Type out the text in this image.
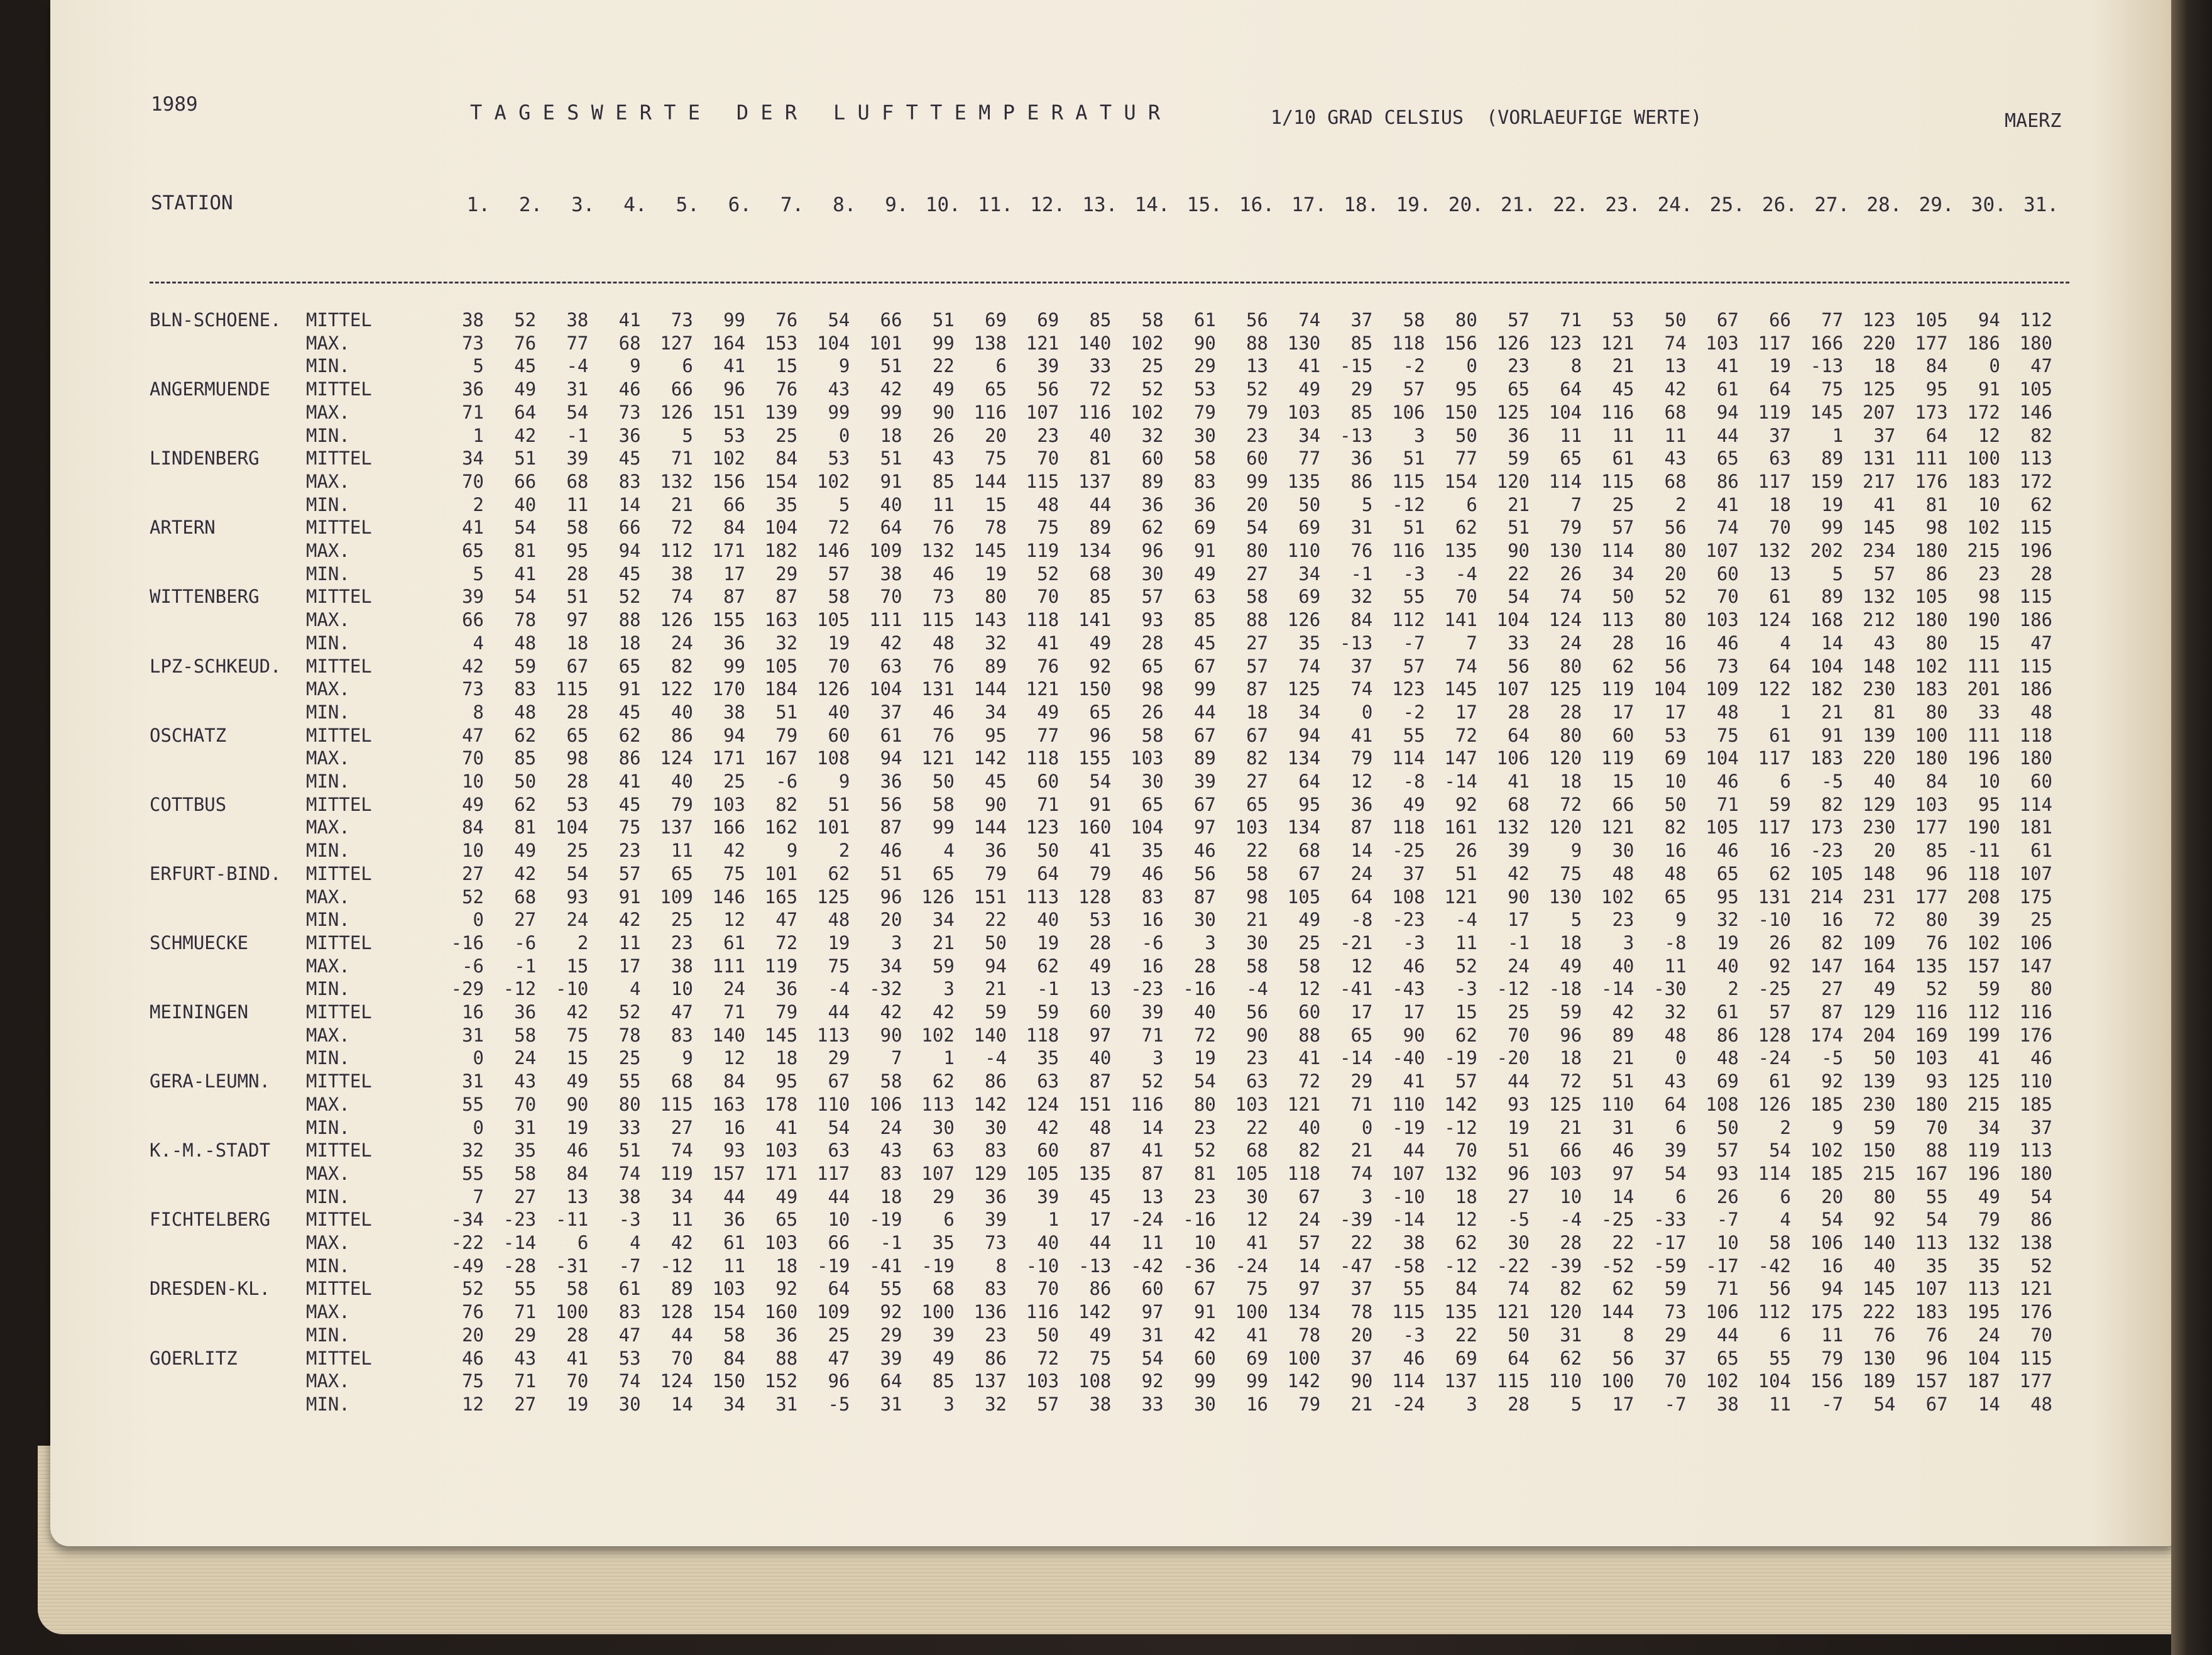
1989	T A G E S W E R T E   D E R   L U F T T E M P E R A T U R	1/10 GRAD CELSIUS  (VORLAEUFIGE WERTE)	MAERZ
STATION	1.	2.	3.	4.	5.	6.	7.	8.	9. 10. 11. 12. 13. 14. 15. 16. 17. 18. 19. 20. 21. 22. 23. 24. 25. 26. 27. 28. 29. 30. 31.
BLN-SCHOENE. MITTEL	38	52	38	41	73	99	76	54	66	51	69	69	85	58	61	56	74	37	58	80	57	71	53	50	67	66	77	123	105	94	112
MAX.	73	76	77	68	127	164	153	104	101	99	138	121	140	102	90	88	130	85	118	156	126	123	121	74	103	117	166	220	177	186	180
MIN.	5	45	-4	9	6	41	15	9	51	22	6	39	33	25	29	13	41	-15	-2	0	23	8	21	13	41	19	-13	18	84	0	47
ANGERMUENDE MITTEL	36	49	31	46	66	96	76	43	42	49	65	56	72	52	53	52	49	29	57	95	65	64	45	42	61	64	75	125	95	91	105
MAX.	71	64	54	73	126	151	139	99	99	90	116	107	116	102	79	79	103	85	106	150	125	104	116	68	94	119	145	207	173	172	146
MIN.	1	42	-1	36	5	53	25	0	18	26	20	23	40	32	30	23	34	-13	3	50	36	11	11	11	44	37	1	37	64	12	82
LINDENBERG	MITTEL	34	51	39	45	71	102	84	53	51	43	75	70	81	60	58	60	77	36	51	77	59	65	61	43	65	63	89	131	111	100	113
MAX.	70	66	68	83	132	156	154	102	91	85	144	115	137	89	83	99	135	86	115	154	120	114	115	68	86	117	159	217	176	183	172
MIN.	2	40	11	14	21	66	35	5	40	11	15	48	44	36	36	20	50	5	-12	6	21	7	25	2	41	18	19	41	81	10	62
ARTERN	MITTEL	41	54	58	66	72	84	104	72	64	76	78	75	89	62	69	54	69	31	51	62	51	79	57	56	74	70	99	145	98	102	115
MAX.	65	81	95	94	112	171	182	146	109	132	145	119	134	96	91	80	110	76	116	135	90	130	114	80	107	132	202	234	180	215	196
MIN.	5	41	28	45	38	17	29	57	38	46	19	52	68	30	49	27	34	-1	-3	-4	22	26	34	20	60	13	5	57	86	23	28
WITTENBERG	MITTEL	39	54	51	52	74	87	87	58	70	73	80	70	85	57	63	58	69	32	55	70	54	74	50	52	70	61	89	132	105	98	115
MAX.	66	78	97	88	126	155	163	105	111	115	143	118	141	93	85	88	126	84	112	141	104	124	113	80	103	124	168	212	180	190	186
MIN.	4	48	18	18	24	36	32	19	42	48	32	41	49	28	45	27	35	-13	-7	7	33	24	28	16	46	4	14	43	80	15	47
LPZ-SCHKEUD. MITTEL	42	59	67	65	82	99	105	70	63	76	89	76	92	65	67	57	74	37	57	74	56	80	62	56	73	64	104	148	102	111	115
MAX.	73	83	115	91	122	170	184	126	104	131	144	121	150	98	99	87	125	74	123	145	107	125	119	104	109	122	182	230	183	201	186
MIN.	8	48	28	45	40	38	51	40	37	46	34	49	65	26	44	18	34	0	-2	17	28	28	17	17	48	1	21	81	80	33	48
OSCHATZ	MITTEL	47	62	65	62	86	94	79	60	61	76	95	77	96	58	67	67	94	41	55	72	64	80	60	53	75	61	91	139	100	111	118
MAX.	70	85	98	86	124	171	167	108	94	121	142	118	155	103	89	82	134	79	114	147	106	120	119	69	104	117	183	220	180	196	180
MIN.	10	50	28	41	40	25	-6	9	36	50	45	60	54	30	39	27	64	12	-8	-14	41	18	15	10	46	6	-5	40	84	10	60
COTTBUS	MITTEL	49	62	53	45	79	103	82	51	56	58	90	71	91	65	67	65	95	36	49	92	68	72	66	50	71	59	82	129	103	95	114
MAX.	84	81	104	75	137	166	162	101	87	99	144	123	160	104	97	103	134	87	118	161	132	120	121	82	105	117	173	230	177	190	181
MIN.	10	49	25	23	11	42	9	2	46	4	36	50	41	35	46	22	68	14	-25	26	39	9	30	16	46	16	-23	20	85	-11	61
ERFURT-BIND. MITTEL	27	42	54	57	65	75	101	62	51	65	79	64	79	46	56	58	67	24	37	51	42	75	48	48	65	62	105	148	96	118	107
MAX.	52	68	93	91	109	146	165	125	96	126	151	113	128	83	87	98	105	64	108	121	90	130	102	65	95	131	214	231	177	208	175
MIN.	0	27	24	42	25	12	47	48	20	34	22	40	53	16	30	21	49	-8	-23	-4	17	5	23	9	32	-10	16	72	80	39	25
SCHMUECKE	MITTEL	-16	-6	2	11	23	61	72	19	3	21	50	19	28	-6	3	30	25	-21	-3	11	-1	18	3	-8	19	26	82	109	76	102	106
MAX.	-6	-1	15	17	38	111	119	75	34	59	94	62	49	16	28	58	58	12	46	52	24	49	40	11	40	92	147	164	135	157	147
MIN.	-29	-12	-10	4	10	24	36	-4	-32	3	21	-1	13	-23	-16	-4	12	-41	-43	-3	-12	-18	-14	-30	2	-25	27	49	52	59	80
MEININGEN	MITTEL	16	36	42	52	47	71	79	44	42	42	59	59	60	39	40	56	60	17	17	15	25	59	42	32	61	57	87	129	116	112	116
MAX.	31	58	75	78	83	140	145	113	90	102	140	118	97	71	72	90	88	65	90	62	70	96	89	48	86	128	174	204	169	199	176
MIN.	0	24	15	25	9	12	18	29	7	1	-4	35	40	3	19	23	41	-14	-40	-19	-20	18	21	0	48	-24	-5	50	103	41	46
GERA-LEUMN. MITTEL	31	43	49	55	68	84	95	67	58	62	86	63	87	52	54	63	72	29	41	57	44	72	51	43	69	61	92	139	93	125	110
MAX.	55	70	90	80	115	163	178	110	106	113	142	124	151	116	80	103	121	71	110	142	93	125	110	64	108	126	185	230	180	215	185
MIN.	0	31	19	33	27	16	41	54	24	30	30	42	48	14	23	22	40	0	-19	-12	19	21	31	6	50	2	9	59	70	34	37
K.-M.-STADT MITTEL	32	35	46	51	74	93	103	63	43	63	83	60	87	41	52	68	82	21	44	70	51	66	46	39	57	54	102	150	88	119	113
MAX.	55	58	84	74	119	157	171	117	83	107	129	105	135	87	81	105	118	74	107	132	96	103	97	54	93	114	185	215	167	196	180
MIN.	7	27	13	38	34	44	49	44	18	29	36	39	45	13	23	30	67	3	-10	18	27	10	14	6	26	6	20	80	55	49	54
FICHTELBERG MITTEL	-34	-23	-11	-3	11	36	65	10	-19	6	39	1	17	-24	-16	12	24	-39	-14	12	-5	-4	-25	-33	-7	4	54	92	54	79	86
MAX.	-22	-14	6	4	42	61	103	66	-1	35	73	40	44	11	10	41	57	22	38	62	30	28	22	-17	10	58	106	140	113	132	138
MIN.	-49	-28	-31	-7	-12	11	18	-19	-41	-19	8	-10	-13	-42	-36	-24	14	-47	-58	-12	-22	-39	-52	-59	-17	-42	16	40	35	35	52
DRESDEN-KL. MITTEL	52	55	58	61	89	103	92	64	55	68	83	70	86	60	67	75	97	37	55	84	74	82	62	59	71	56	94	145	107	113	121
MAX.	76	71	100	83	128	154	160	109	92	100	136	116	142	97	91	100	134	78	115	135	121	120	144	73	106	112	175	222	183	195	176
MIN.	20	29	28	47	44	58	36	25	29	39	23	50	49	31	42	41	78	20	-3	22	50	31	8	29	44	6	11	76	76	24	70
GOERLITZ	MITTEL	46	43	41	53	70	84	88	47	39	49	86	72	75	54	60	69	100	37	46	69	64	62	56	37	65	55	79	130	96	104	115
MAX.	75	71	70	74	124	150	152	96	64	85	137	103	108	92	99	99	142	90	114	137	115	110	100	70	102	104	156	189	157	187	177
MIN.	12	27	19	30	14	34	31	-5	31	3	32	57	38	33	30	16	79	21	-24	3	28	5	17	-7	38	11	-7	54	67	14	48
